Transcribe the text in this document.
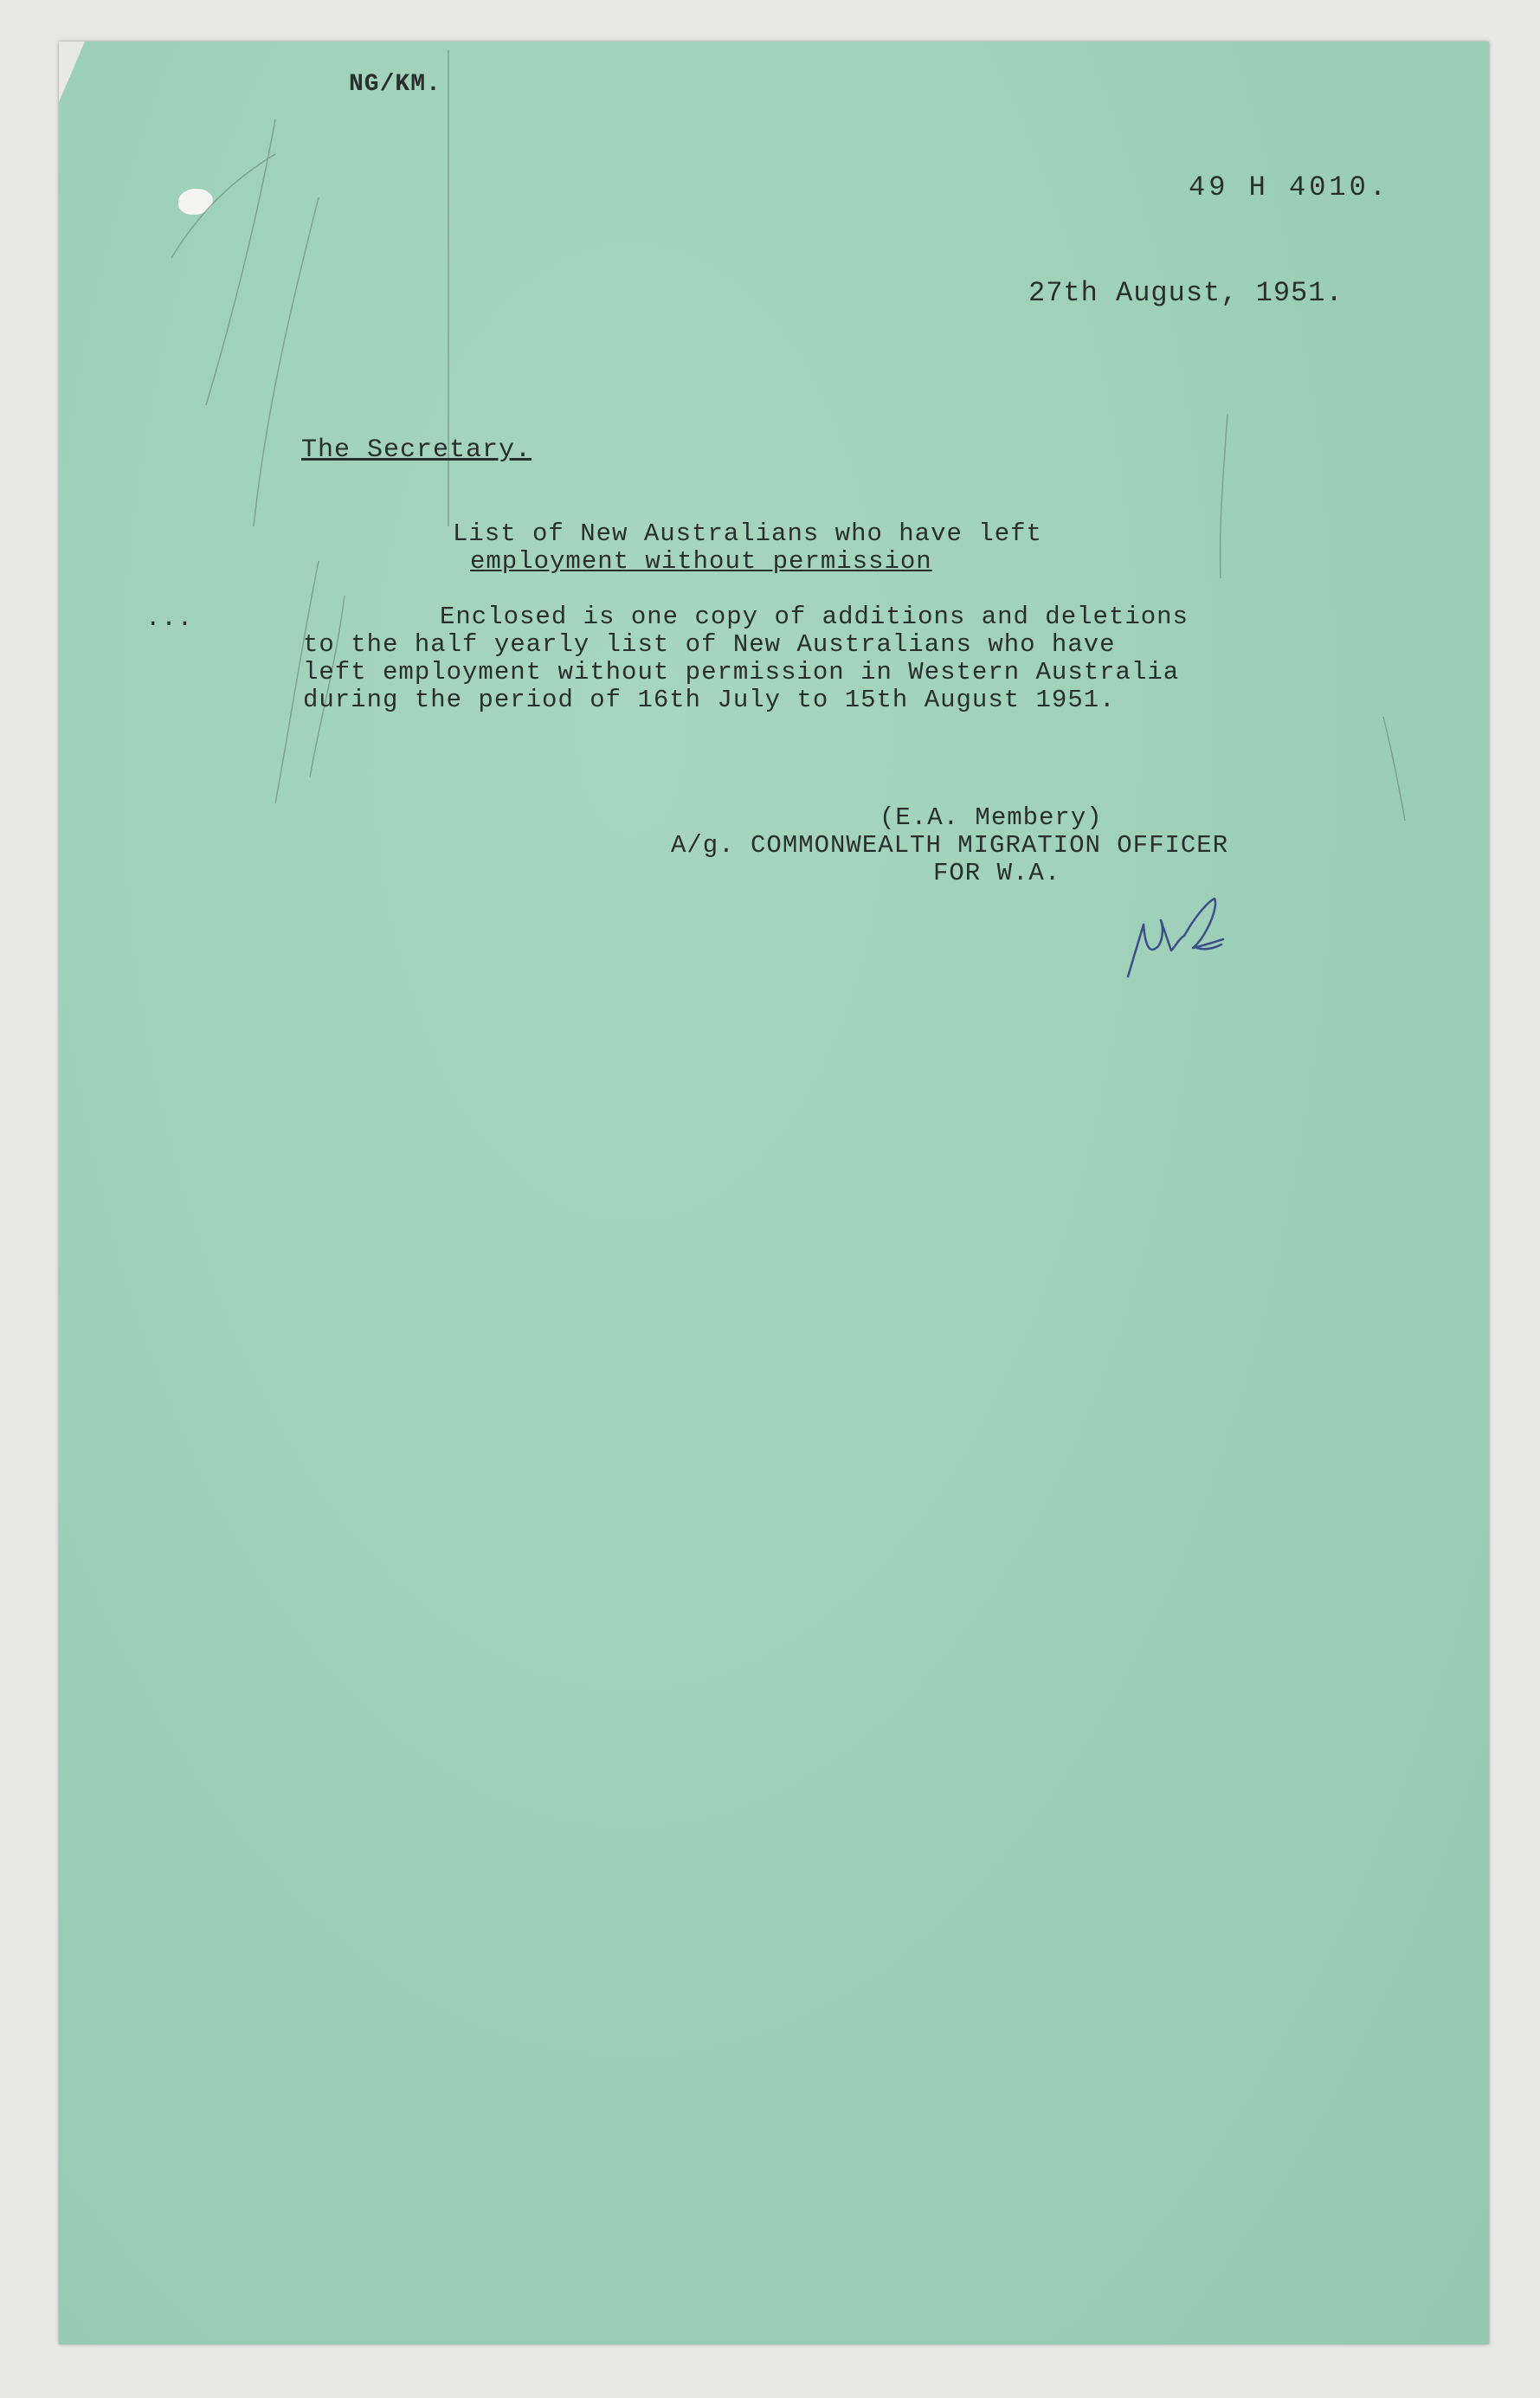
NG/KM.
49 H 4010.
27th August, 1951.
The Secretary.
List of New Australians who have left
employment without permission
...	Enclosed is one copy of additions and deletions
to the half yearly list of New Australians who have
left employment without permission in Western Australia
during the period of 16th July to 15th August 1951.
(E.A. Membery)
A/g. COMMONWEALTH MIGRATION OFFICER
FOR W.A.
